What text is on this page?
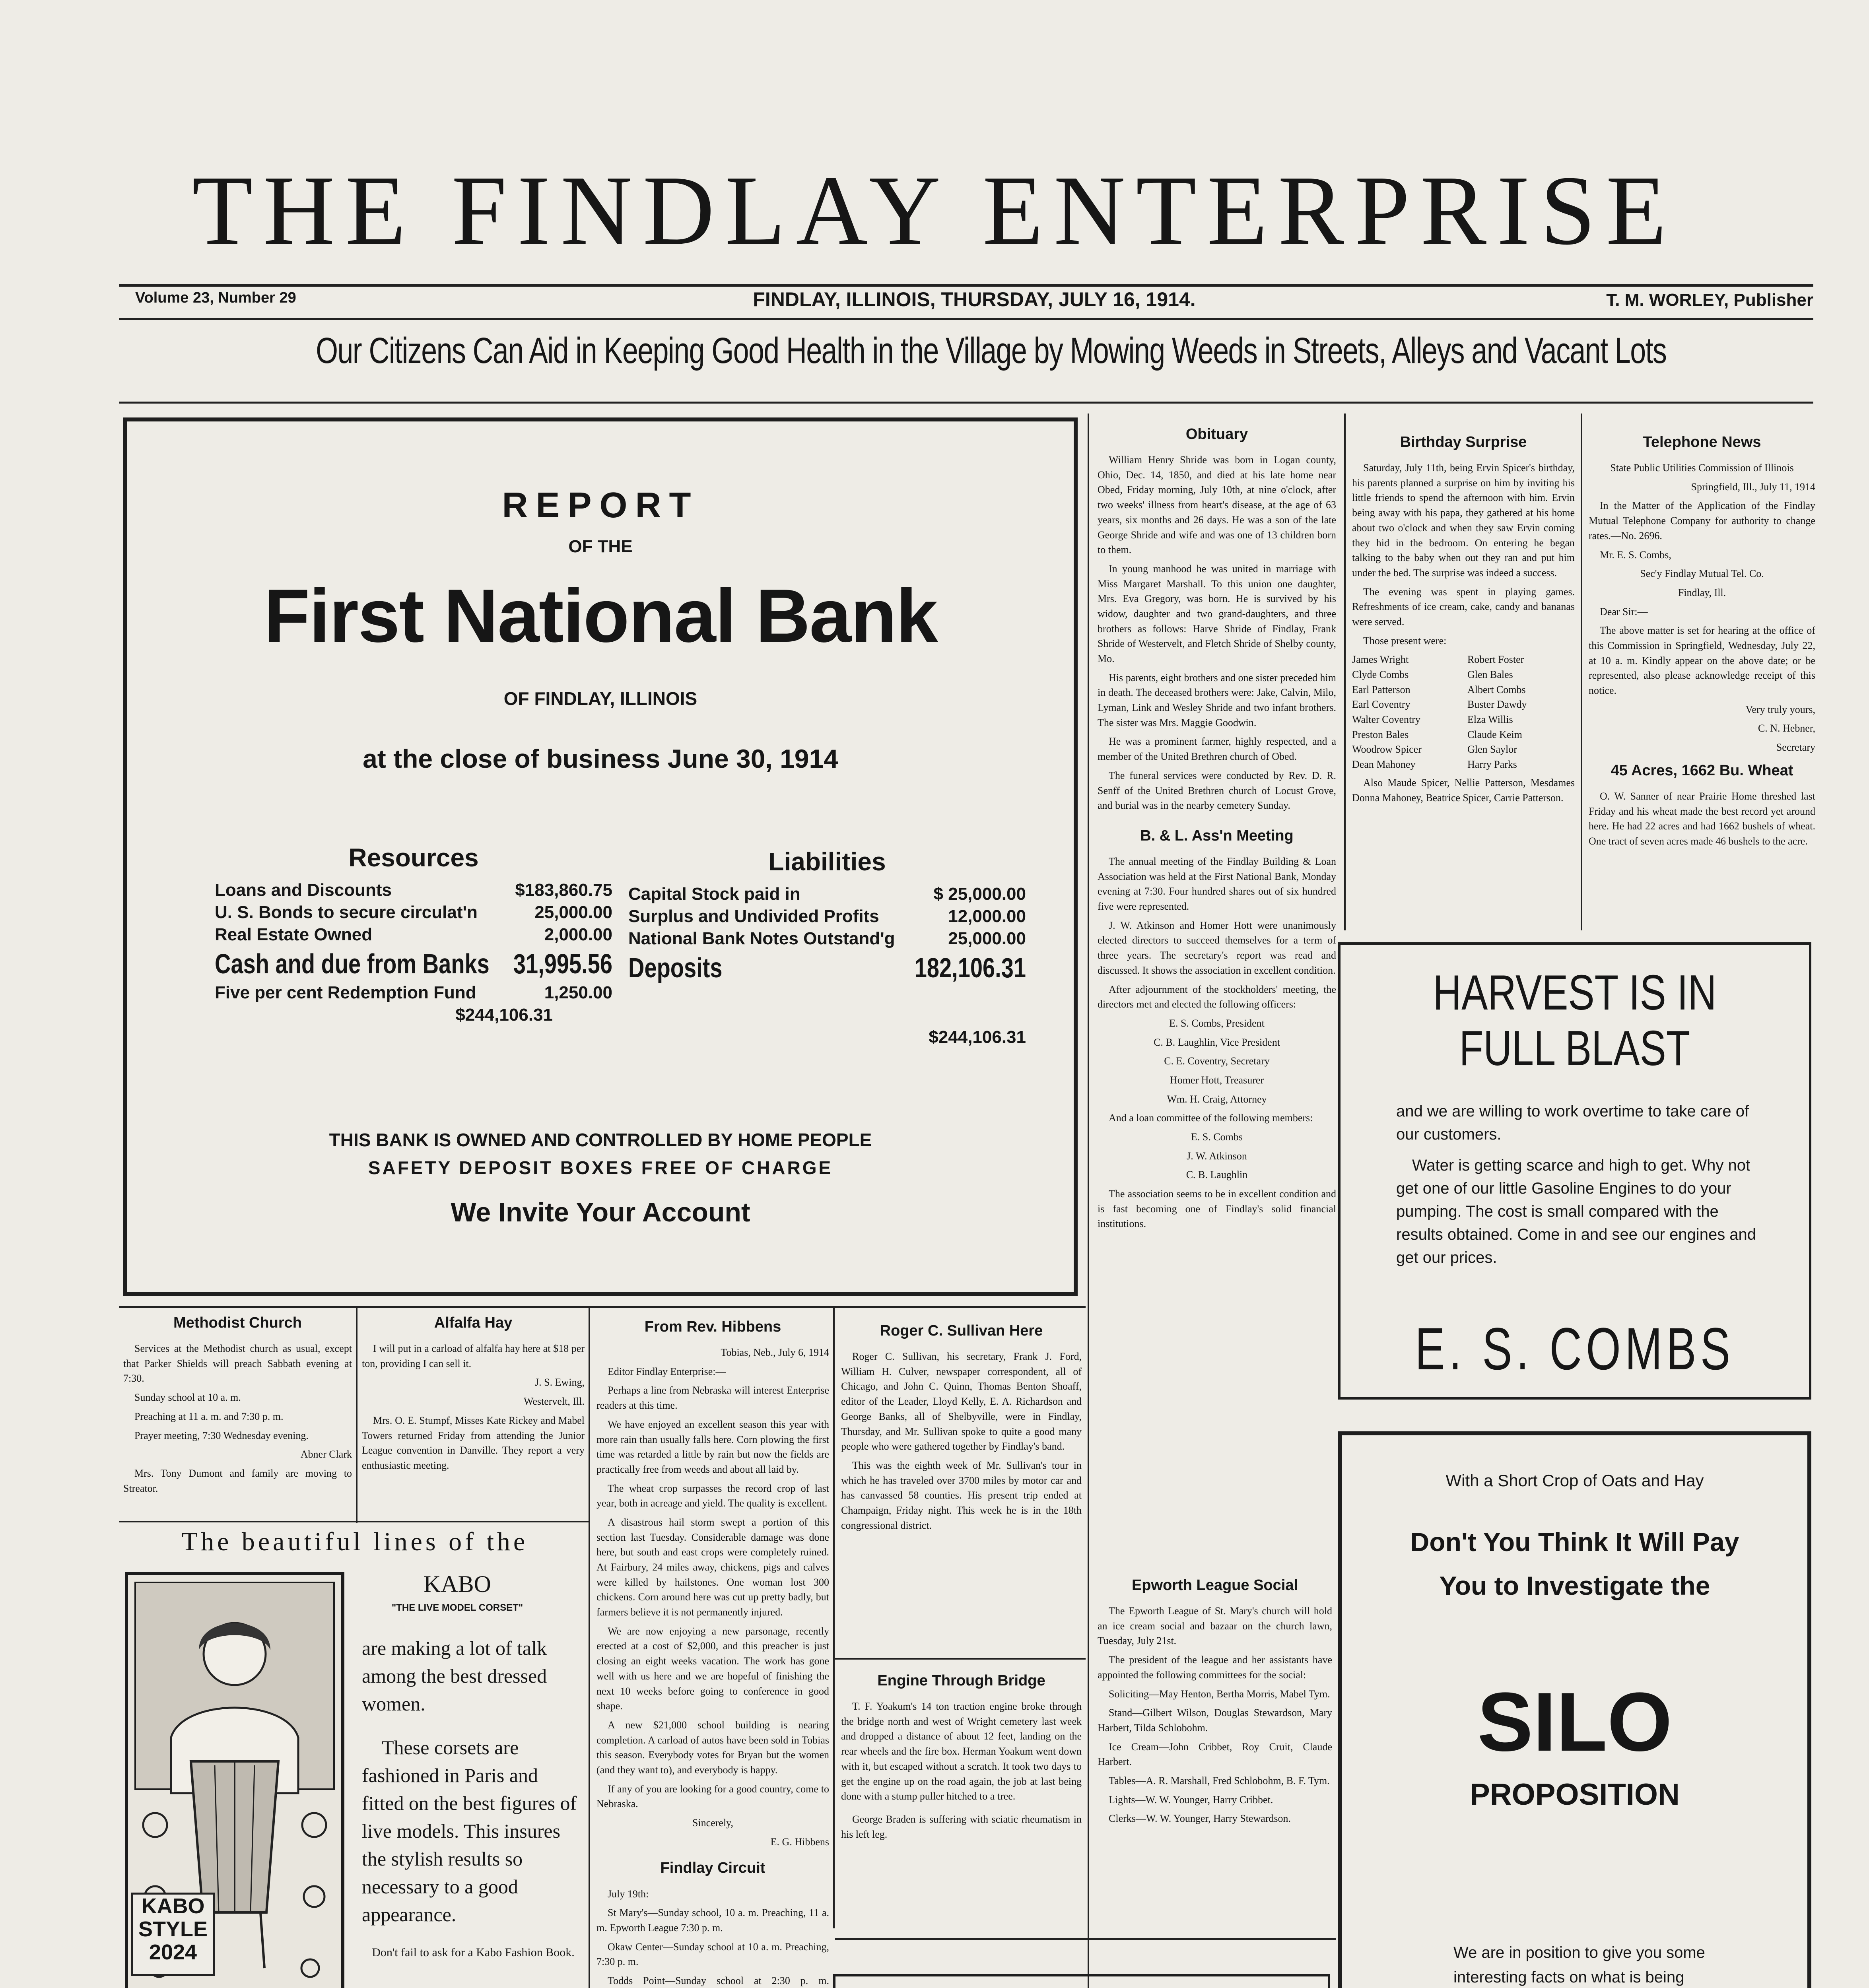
THE FINDLAY ENTERPRISE
Volume 23, Number 29	FINDLAY, ILLINOIS, THURSDAY, JULY 16, 1914.	T. M. WORLEY, Publisher
Our Citizens Can Aid in Keeping Good Health in the Village by Mowing Weeds in Streets, Alleys and Vacant Lots
REPORT
OF THE
First National Bank
OF FINDLAY, ILLINOIS
at the close of business June 30, 1914
Resources
Loans and Discounts	$183,860.75
U. S. Bonds to secure circulat'n	25,000.00
Real Estate Owned	2,000.00
Cash and due from Banks 31,995.56
Five per cent Redemption Fund	1,250.00
$244,106.31
Liabilities
Capital Stock paid in	$ 25,000.00
Surplus and Undivided Profits	12,000.00
National Bank Notes Outstand'g	25,000.00
Deposits	182,106.31
$244,106.31
THIS BANK IS OWNED AND CONTROLLED BY HOME PEOPLE
SAFETY DEPOSIT BOXES FREE OF CHARGE
We Invite Your Account
Obituary

William Henry Shride was born in Logan county, Ohio, Dec. 14, 1850, and died at his late home near Obed, Friday morning, July 10th, at nine o'clock, after two weeks' illness from heart's disease, at the age of 63 years, six months and 26 days. He was a son of the late George Shride and wife and was one of 13 children born to them.

In young manhood he was united in marriage with Miss Margaret Marshall. To this union one daughter, Mrs. Eva Gregory, was born. He is survived by his widow, daughter and two grand-daughters, and three brothers as follows: Harve Shride of Findlay, Frank Shride of Westervelt, and Fletch Shride of Shelby county, Mo.

His parents, eight brothers and one sister preceded him in death. The deceased brothers were: Jake, Calvin, Milo, Lyman, Link and Wesley Shride and two infant brothers. The sister was Mrs. Maggie Goodwin.

He was a prominent farmer, highly respected, and a member of the United Brethren church of Obed.

The funeral services were conducted by Rev. D. R. Senff of the United Brethren church of Locust Grove, and burial was in the nearby cemetery Sunday.

B. & L. Ass'n Meeting

The annual meeting of the Findlay Building & Loan Association was held at the First National Bank, Monday evening at 7:30. Four hundred shares out of six hundred five were represented.

J. W. Atkinson and Homer Hott were unanimously elected directors to succeed themselves for a term of three years. The secretary's report was read and discussed. It shows the association in excellent condition.

After adjournment of the stockholders' meeting, the directors met and elected the following officers:

E. S. Combs, President

C. B. Laughlin, Vice President

C. E. Coventry, Secretary

Homer Hott, Treasurer

Wm. H. Craig, Attorney

And a loan committee of the following members:

E. S. Combs

J. W. Atkinson

C. B. Laughlin

The association seems to be in excellent condition and is fast becoming one of Findlay's solid financial institutions.

Birthday Surprise

Saturday, July 11th, being Ervin Spicer's birthday, his parents planned a surprise on him by inviting his little friends to spend the afternoon with him. Ervin being away with his papa, they gathered at his home about two o'clock and when they saw Ervin coming they hid in the bedroom. On entering he began talking to the baby when out they ran and put him under the bed. The surprise was indeed a success.

The evening was spent in playing games. Refreshments of ice cream, cake, candy and bananas were served.

Those present were:

James Wright	Robert Foster
Clyde Combs	Glen Bales
Earl Patterson	Albert Combs
Earl Coventry	Buster Dawdy
Walter Coventry	Elza Willis
Preston Bales	Claude Keim
Woodrow Spicer	Glen Saylor
Dean Mahoney	Harry Parks

Also Maude Spicer, Nellie Patterson, Mesdames Donna Mahoney, Beatrice Spicer, Carrie Patterson.

Telephone News

State Public Utilities Commission of Illinois

Springfield, Ill., July 11, 1914

In the Matter of the Application of the Findlay Mutual Telephone Company for authority to change rates.—No. 2696.

Mr. E. S. Combs,

Sec'y Findlay Mutual Tel. Co.

Findlay, Ill.

Dear Sir:—

The above matter is set for hearing at the office of this Commission in Springfield, Wednesday, July 22, at 10 a. m. Kindly appear on the above date; or be represented, also please acknowledge receipt of this notice.

Very truly yours,

C. N. Hebner,

Secretary

45 Acres, 1662 Bu. Wheat

O. W. Sanner of near Prairie Home threshed last Friday and his wheat made the best record yet around here. He had 22 acres and had 1662 bushels of wheat. One tract of seven acres made 46 bushels to the acre.

HARVEST IS IN
FULL BLAST

and we are willing to work overtime to take care of our customers.

Water is getting scarce and high to get. Why not get one of our little Gasoline Engines to do your pumping. The cost is small compared with the results obtained. Come in and see our engines and get our prices.

E. S. COMBS
With a Short Crop of Oats and Hay
Don't You Think It Will Pay
You to Investigate the
SILO
PROPOSITION
We are in position to give you some interesting facts on what is being
Methodist Church

Services at the Methodist church as usual, except that Parker Shields will preach Sabbath evening at 7:30.

Sunday school at 10 a. m.

Preaching at 11 a. m. and 7:30 p. m.

Prayer meeting, 7:30 Wednesday evening.

Abner Clark

Mrs. Tony Dumont and family are moving to Streator.

Alfalfa Hay

I will put in a carload of alfalfa hay here at $18 per ton, providing I can sell it.

J. S. Ewing,

Westervelt, Ill.

Mrs. O. E. Stumpf, Misses Kate Rickey and Mabel Towers returned Friday from attending the Junior League convention in Danville. They report a very enthusiastic meeting.

The beautiful lines of the
KABO
"THE LIVE MODEL CORSET"
KABO
STYLE
2024

are making a lot of talk among the best dressed women.

These corsets are fashioned in Paris and fitted on the best figures of live models. This insures the stylish results so necessary to a good appearance.

Don't fail to ask for a Kabo Fashion Book.

From Rev. Hibbens

Tobias, Neb., July 6, 1914

Editor Findlay Enterprise:—

Perhaps a line from Nebraska will interest Enterprise readers at this time.

We have enjoyed an excellent season this year with more rain than usually falls here. Corn plowing the first time was retarded a little by rain but now the fields are practically free from weeds and about all laid by.

The wheat crop surpasses the record crop of last year, both in acreage and yield. The quality is excellent.

A disastrous hail storm swept a portion of this section last Tuesday. Considerable damage was done here, but south and east crops were completely ruined. At Fairbury, 24 miles away, chickens, pigs and calves were killed by hailstones. One woman lost 300 chickens. Corn around here was cut up pretty badly, but farmers believe it is not permanently injured.

We are now enjoying a new parsonage, recently erected at a cost of $2,000, and this preacher is just closing an eight weeks vacation. The work has gone well with us here and we are hopeful of finishing the next 10 weeks before going to conference in good shape.

A new $21,000 school building is nearing completion. A carload of autos have been sold in Tobias this season. Everybody votes for Bryan but the women (and they want to), and everybody is happy.

If any of you are looking for a good country, come to Nebraska.

Sincerely,

E. G. Hibbens

Findlay Circuit

July 19th:

St Mary's—Sunday school, 10 a. m. Preaching, 11 a. m. Epworth League 7:30 p. m.

Okaw Center—Sunday school at 10 a. m. Preaching, 7:30 p. m.

Todds Point—Sunday school at 2:30 p. m.

Roger C. Sullivan Here

Roger C. Sullivan, his secretary, Frank J. Ford, William H. Culver, newspaper correspondent, all of Chicago, and John C. Quinn, Thomas Benton Shoaff, editor of the Leader, Lloyd Kelly, E. A. Richardson and George Banks, all of Shelbyville, were in Findlay, Thursday, and Mr. Sullivan spoke to quite a good many people who were gathered together by Findlay's band.

This was the eighth week of Mr. Sullivan's tour in which he has traveled over 3700 miles by motor car and has canvassed 58 counties. His present trip ended at Champaign, Friday night. This week he is in the 18th congressional district.

Engine Through Bridge

T. F. Yoakum's 14 ton traction engine broke through the bridge north and west of Wright cemetery last week and dropped a distance of about 12 feet, landing on the rear wheels and the fire box. Herman Yoakum went down with it, but escaped without a scratch. It took two days to get the engine up on the road again, the job at last being done with a stump puller hitched to a tree.

George Braden is suffering with sciatic rheumatism in his left leg.

Epworth League Social

The Epworth League of St. Mary's church will hold an ice cream social and bazaar on the church lawn, Tuesday, July 21st.

The president of the league and her assistants have appointed the following committees for the social:

Soliciting—May Henton, Bertha Morris, Mabel Tym.

Stand—Gilbert Wilson, Douglas Stewardson, Mary Harbert, Tilda Schlobohm.

Ice Cream—John Cribbet, Roy Cruit, Claude Harbert.

Tables—A. R. Marshall, Fred Schlobohm, B. F. Tym.

Lights—W. W. Younger, Harry Cribbet.

Clerks—W. W. Younger, Harry Stewardson.
